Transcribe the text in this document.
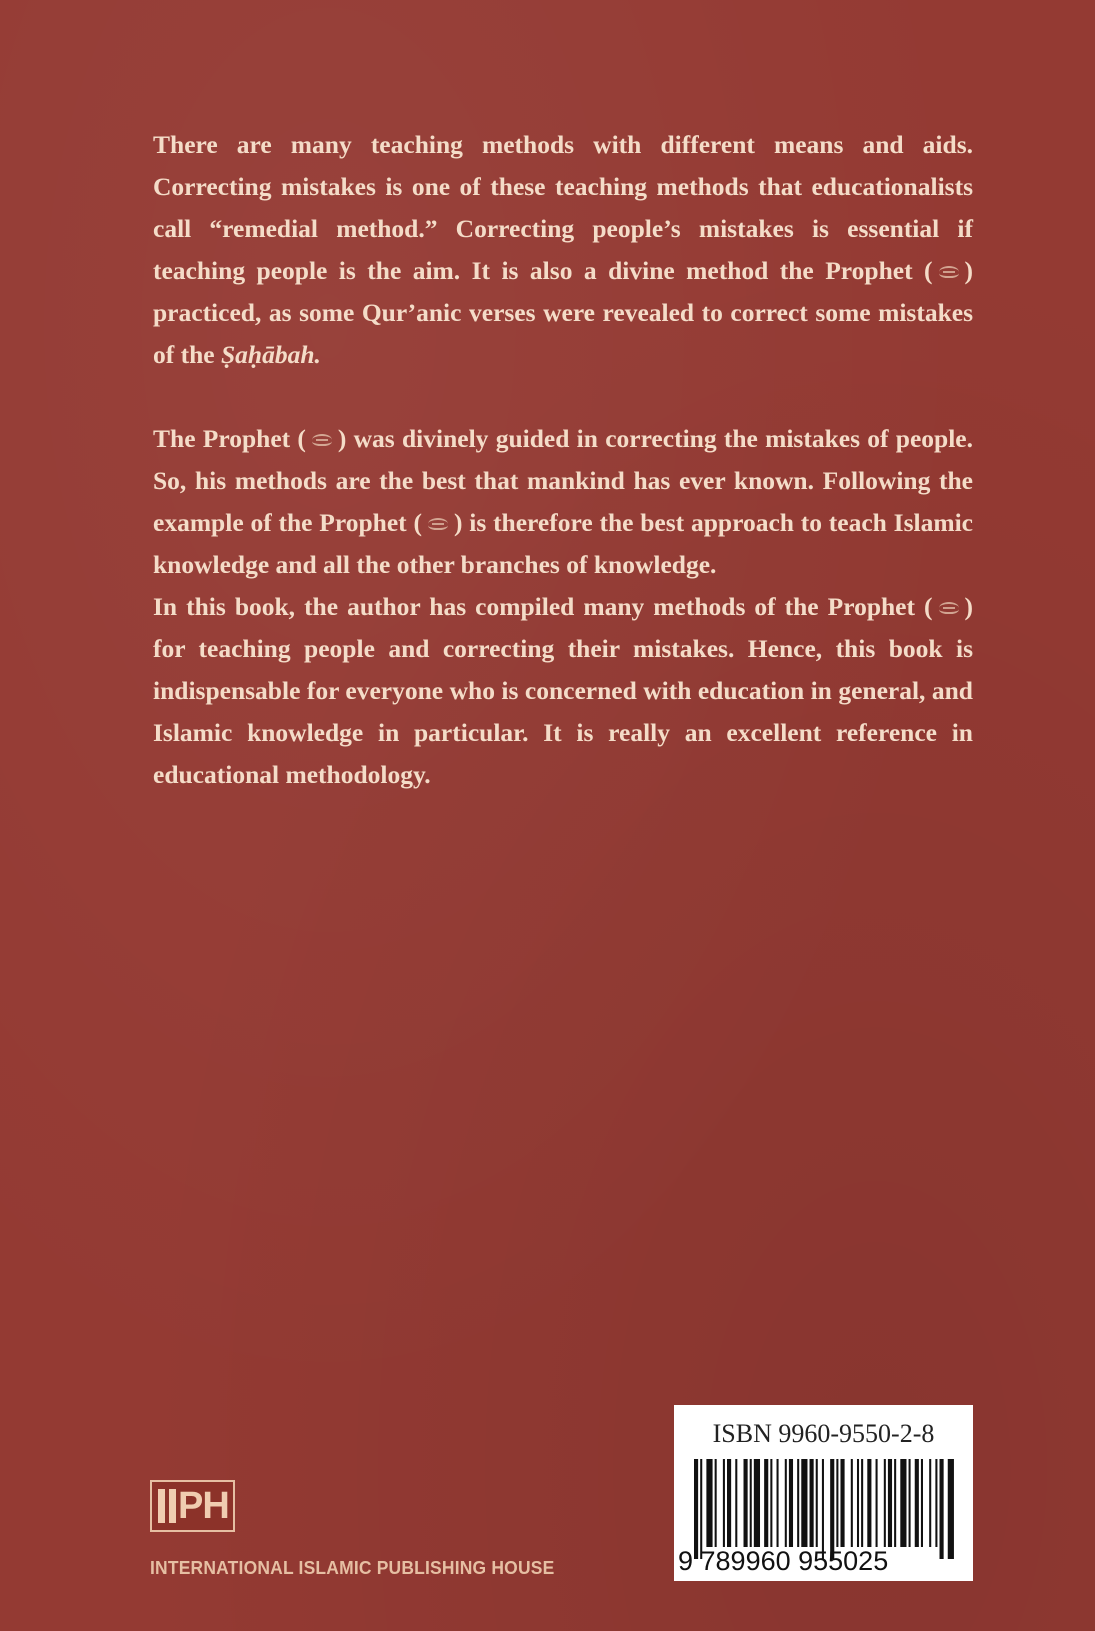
There are many teaching methods with different means and aids. Correcting mistakes is one of these teaching methods that educationalists call “remedial method.” Correcting people’s mistakes is essential if teaching people is the aim. It is also a divine method the Prophet ( ) practiced, as some Qur’anic verses were revealed to correct some mistakes of the Ṣaḥābah.

The Prophet ( ) was divinely guided in correcting the mistakes of people. So, his methods are the best that mankind has ever known. Following the example of the Prophet ( ) is therefore the best approach to teach Islamic knowledge and all the other branches of knowledge.

In this book, the author has compiled many methods of the Prophet ( ) for teaching people and correcting their mistakes. Hence, this book is indispensable for everyone who is concerned with education in general, and Islamic knowledge in particular. It is really an excellent reference in educational methodology.

PH
INTERNATIONAL ISLAMIC PUBLISHING HOUSE
ISBN 9960-9550-2-8
9 789960 955025
